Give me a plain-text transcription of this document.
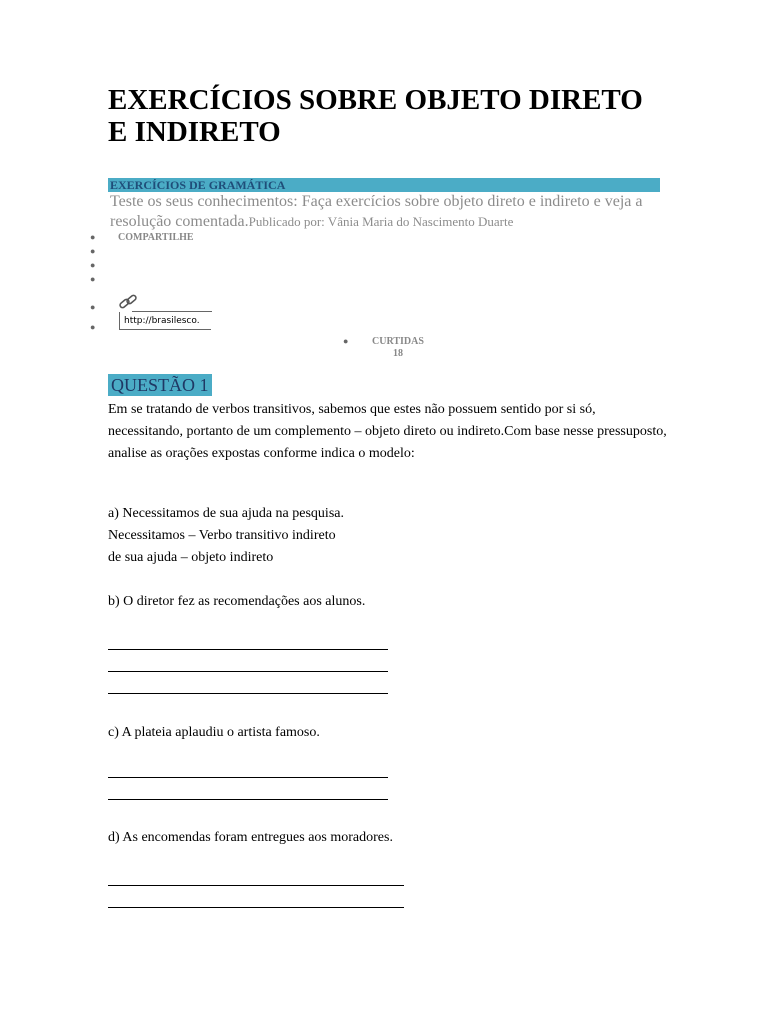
EXERCÍCIOS SOBRE OBJETO DIRETO E INDIRETO
EXERCÍCIOS DE GRAMÁTICA
Teste os seus conhecimentos: Faça exercícios sobre objeto direto e indireto e veja a resolução comentada.Publicado por: Vânia Maria do Nascimento Duarte
● COMPARTILHE
●
●
●
●
●
http://brasilesco.
●	CURTIDAS
18
QUESTÃO 1
Em se tratando de verbos transitivos, sabemos que estes não possuem sentido por si só, necessitando, portanto de um complemento – objeto direto ou indireto.Com base nesse pressuposto, analise as orações expostas conforme indica o modelo:
a) Necessitamos de sua ajuda na pesquisa.
Necessitamos – Verbo transitivo indireto
de sua ajuda – objeto indireto
b) O diretor fez as recomendações aos alunos.
c) A plateia aplaudiu o artista famoso.
d) As encomendas foram entregues aos moradores.
